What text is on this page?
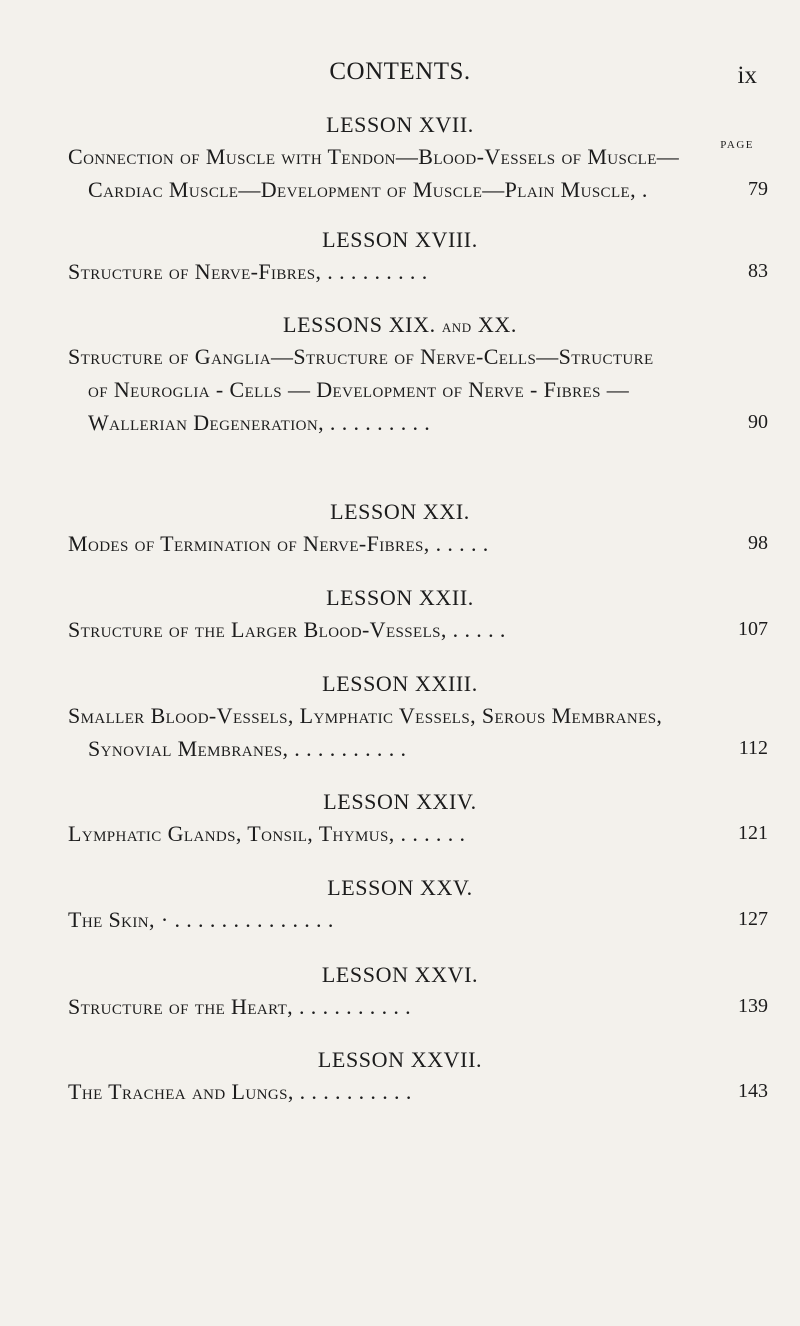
CONTENTS.	ix
PAGE
LESSON XVII.
Connection of Muscle with Tendon—Blood-Vessels of Muscle—
Cardiac Muscle—Development of Muscle—Plain Muscle, .	79
LESSON XVIII.
Structure of Nerve-Fibres, . . . . . . . . .	83
LESSONS XIX. and XX.
Structure of Ganglia—Structure of Nerve-Cells—Structure
of Neuroglia - Cells — Development of Nerve - Fibres —
Wallerian Degeneration, . . . . . . . . .	90
LESSON XXI.
Modes of Termination of Nerve-Fibres, . . . . .	98
LESSON XXII.
Structure of the Larger Blood-Vessels, . . . . .	107
LESSON XXIII.
Smaller Blood-Vessels, Lymphatic Vessels, Serous Membranes,
Synovial Membranes, . . . . . . . . . .	112
LESSON XXIV.
Lymphatic Glands, Tonsil, Thymus, . . . . . .	121
LESSON XXV.
The Skin, · . . . . . . . . . . . . . .	127
LESSON XXVI.
Structure of the Heart, . . . . . . . . . .	139
LESSON XXVII.
The Trachea and Lungs, . . . . . . . . . .	143
